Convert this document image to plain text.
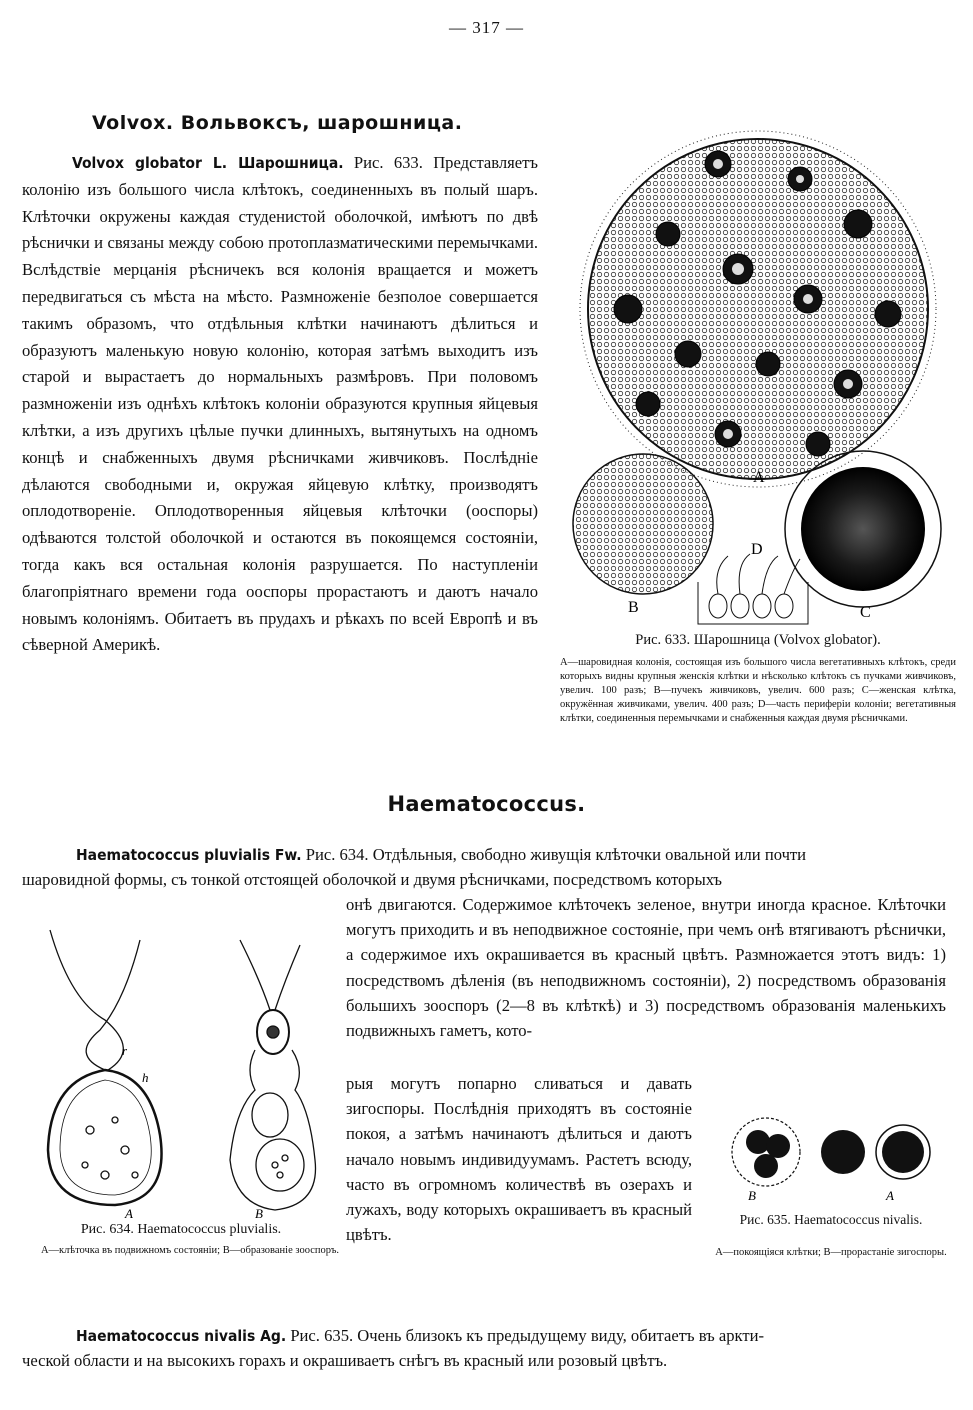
— 317 —
Volvox. Вольвоксъ, шарошница.
Volvox globator L. Шарошница. Рис. 633. Представляетъ колонію изъ большого числа клѣтокъ, соединенныхъ въ полый шаръ. Клѣточки окружены каждая студенистой оболочкой, имѣютъ по двѣ рѣснички и связаны между собою протоплазматическими перемычками. Вслѣдствіе мерцанія рѣсничекъ вся колонія вращается и можетъ передвигаться съ мѣста на мѣсто. Размноженіе безполое совершается такимъ образомъ, что отдѣльныя клѣтки начинаютъ дѣлиться и образуютъ маленькую новую колонію, которая затѣмъ выходитъ изъ старой и вырастаетъ до нормальныхъ размѣровъ. При половомъ размноженіи изъ однѣхъ клѣтокъ колоніи образуются крупныя яйцевыя клѣтки, а изъ другихъ цѣлые пучки длинныхъ, вытянутыхъ на одномъ концѣ и снабженныхъ двумя рѣсничками живчиковъ. Послѣдніе дѣлаются свободными и, окружая яйцевую клѣтку, производятъ оплодотвореніе. Оплодотворенныя яйцевыя клѣточки (ооспоры) одѣваются толстой оболочкой и остаются въ покоящемся состояніи, тогда какъ вся остальная колонія разрушается. По наступленіи благопріятнаго времени года ооспоры прорастаютъ и даютъ начало новымъ колоніямъ. Обитаетъ въ прудахъ и рѣкахъ по всей Европѣ и въ сѣверной Америкѣ.
A
B	C
D
Рис. 633. Шарошница (Volvox globator).
А—шаровидная колонія, состоящая изъ большого числа вегетативныхъ клѣтокъ, среди которыхъ видны крупныя женскія клѣтки и нѣсколько клѣтокъ съ пучками живчиковъ, увелич. 100 разъ; В—пучекъ живчиковъ, увелич. 600 разъ; С—женская клѣтка, окружённая живчиками, увелич. 400 разъ; D—часть периферіи колоніи; вегетативныя клѣтки, соединенныя перемычками и снабженныя каждая двумя рѣсничками.
Haematococcus.
Haematococcus pluvialis Fw. Рис. 634. Отдѣльныя, свободно живущія клѣточки овальной или почти
шаровидной формы, съ тонкой отстоящей оболочкой и двумя рѣсничками, посредствомъ которыхъ
онѣ двигаются. Содержимое клѣточекъ зеленое, внутри иногда красное. Клѣточки могутъ приходить и въ неподвижное состояніе, при чемъ онѣ втягиваютъ рѣснички, а содержимое ихъ окрашивается въ красный цвѣтъ. Размножается этотъ видъ: 1) посредствомъ дѣленія (въ неподвижномъ состояніи), 2) посредствомъ образованія большихъ зооспоръ (2—8 въ клѣткѣ) и 3) посредствомъ образованія маленькихъ подвижныхъ гаметъ, кото-
рыя могутъ попарно сливаться и давать зигоспоры. Послѣднія приходятъ въ состояніе покоя, а затѣмъ начинаютъ дѣлиться и даютъ начало новымъ индивидуумамъ. Растетъ всюду, часто въ огромномъ количествѣ въ озерахъ и лужахъ, воду которыхъ окрашиваетъ въ красный цвѣтъ.
r
h
A	B
Рис. 634. Haematococcus pluvialis.
А—клѣточка въ подвижномъ состояніи; В—образованіе зооспоръ.
B	A
Рис. 635. Haematococcus nivalis.
А—покоящіяся клѣтки; В—прорастаніе зигоспоры.
Haematococcus nivalis Ag. Рис. 635. Очень близокъ къ предыдущему виду, обитаетъ въ аркти-
ческой области и на высокихъ горахъ и окрашиваетъ снѣгъ въ красный или розовый цвѣтъ.
